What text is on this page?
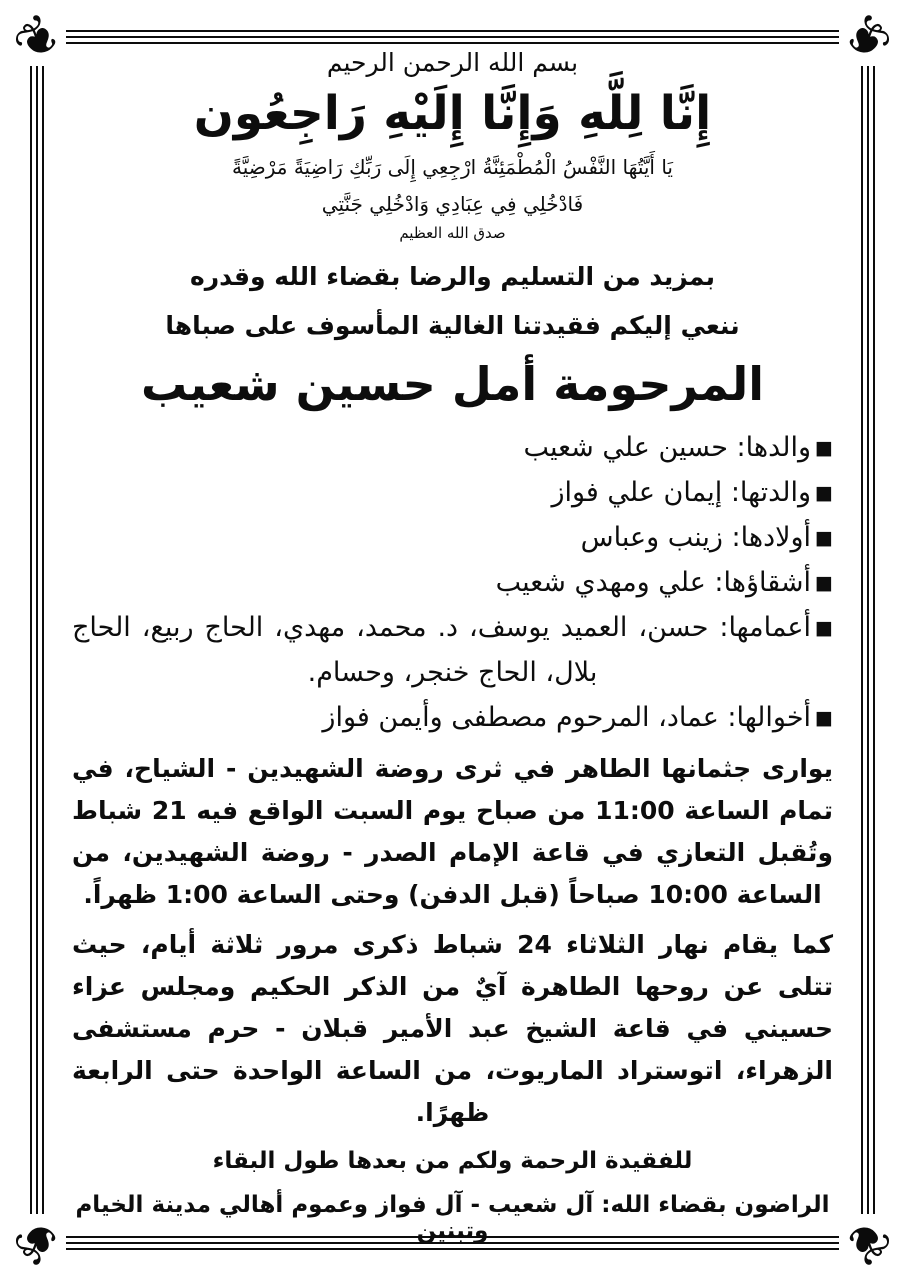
❦	❦
❦	❦
بسم الله الرحمن الرحيم
إِنَّا لِلَّهِ وَإِنَّا إِلَيْهِ رَاجِعُون
يَا أَيَّتُهَا النَّفْسُ الْمُطْمَئِنَّةُ ارْجِعِي إِلَى رَبِّكِ رَاضِيَةً مَرْضِيَّةً
فَادْخُلِي فِي عِبَادِي وَادْخُلِي جَنَّتِي
صدق الله العظيم
بمزيد من التسليم والرضا بقضاء الله وقدره
ننعي إليكم فقيدتنا الغالية المأسوف على صباها
المرحومة أمل حسين شعيب
■والدها: حسين علي شعيب
■والدتها: إيمان علي فواز
■أولادها: زينب وعباس
■أشقاؤها: علي ومهدي شعيب
■أعمامها: حسن، العميد يوسف، د. محمد، مهدي، الحاج ربيع، الحاج بلال، الحاج خنجر، وحسام.
■أخوالها: عماد، المرحوم مصطفى وأيمن فواز

يوارى جثمانها الطاهر في ثرى روضة الشهيدين - الشياح، في تمام الساعة 11:00 من صباح يوم السبت الواقع فيه 21 شباط وتُقبل التعازي في قاعة الإمام الصدر - روضة الشهيدين، من الساعة 10:00 صباحاً (قبل الدفن) وحتى الساعة 1:00 ظهراً.

كما يقام نهار الثلاثاء 24 شباط ذكرى مرور ثلاثة أيام، حيث تتلى عن روحها الطاهرة آيٌ من الذكر الحكيم ومجلس عزاء حسيني في قاعة الشيخ عبد الأمير قبلان - حرم مستشفى الزهراء، اتوستراد الماريوت، من الساعة الواحدة حتى الرابعة ظهرًا.

للفقيدة الرحمة ولكم من بعدها طول البقاء
الراضون بقضاء الله: آل شعيب - آل فواز وعموم أهالي مدينة الخيام وتبنين
